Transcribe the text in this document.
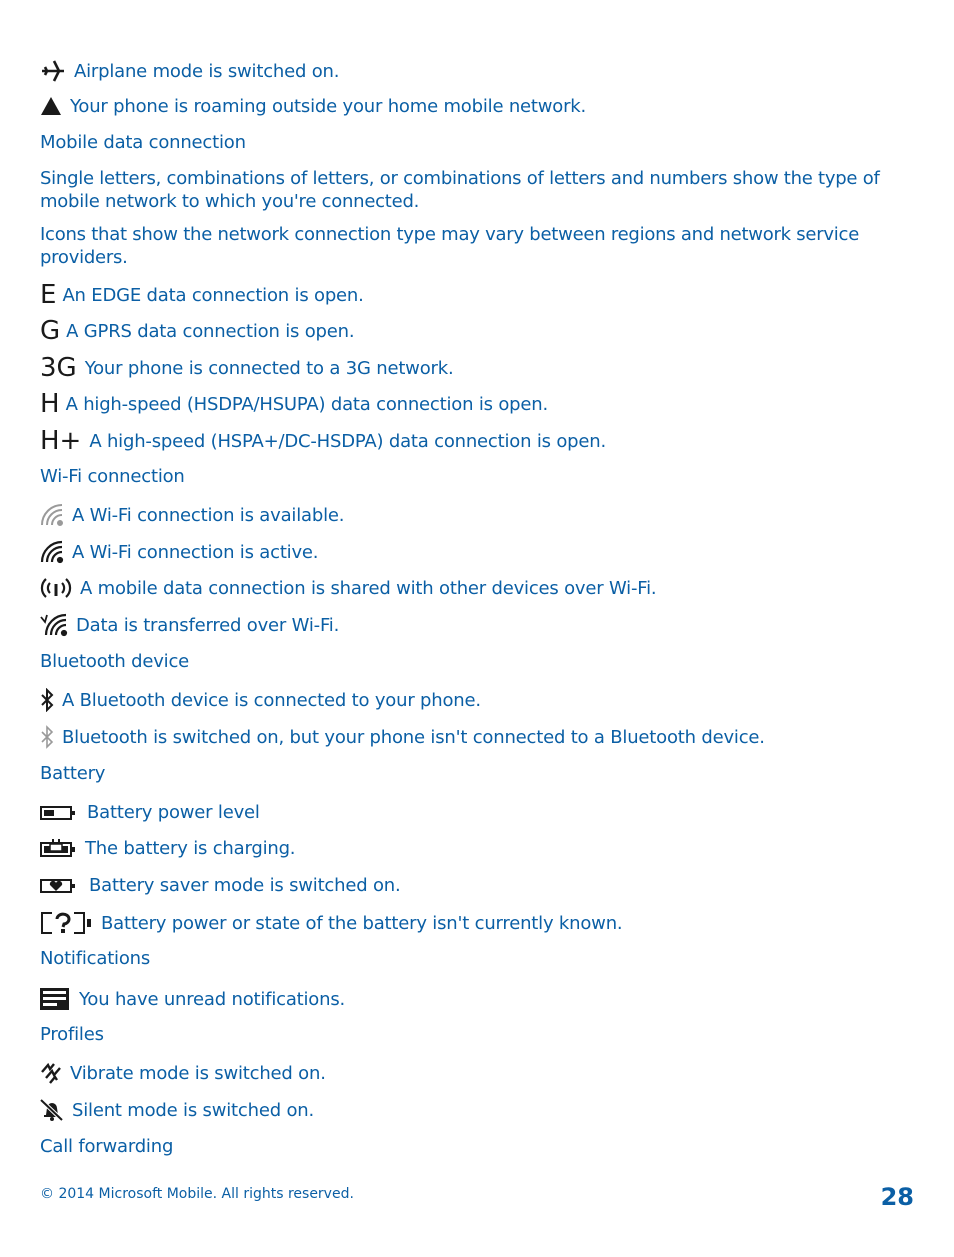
Airplane mode is switched on.
Your phone is roaming outside your home mobile network.
Mobile data connection
Single letters, combinations of letters, or combinations of letters and numbers show the type of mobile network to which you're connected.
Icons that show the network connection type may vary between regions and network service providers.
E An EDGE data connection is open.
G A GPRS data connection is open.
3G Your phone is connected to a 3G network.
H A high-speed (HSDPA/HSUPA) data connection is open.
H+ A high-speed (HSPA+/DC-HSDPA) data connection is open.
Wi-Fi connection
A Wi-Fi connection is available.
A Wi-Fi connection is active.
A mobile data connection is shared with other devices over Wi-Fi.
Data is transferred over Wi-Fi.
Bluetooth device
A Bluetooth device is connected to your phone.
Bluetooth is switched on, but your phone isn't connected to a Bluetooth device.
Battery
Battery power level
The battery is charging.
Battery saver mode is switched on.
Battery power or state of the battery isn't currently known.
Notifications
You have unread notifications.
Profiles
Vibrate mode is switched on.
Silent mode is switched on.
Call forwarding
© 2014 Microsoft Mobile. All rights reserved.	28
